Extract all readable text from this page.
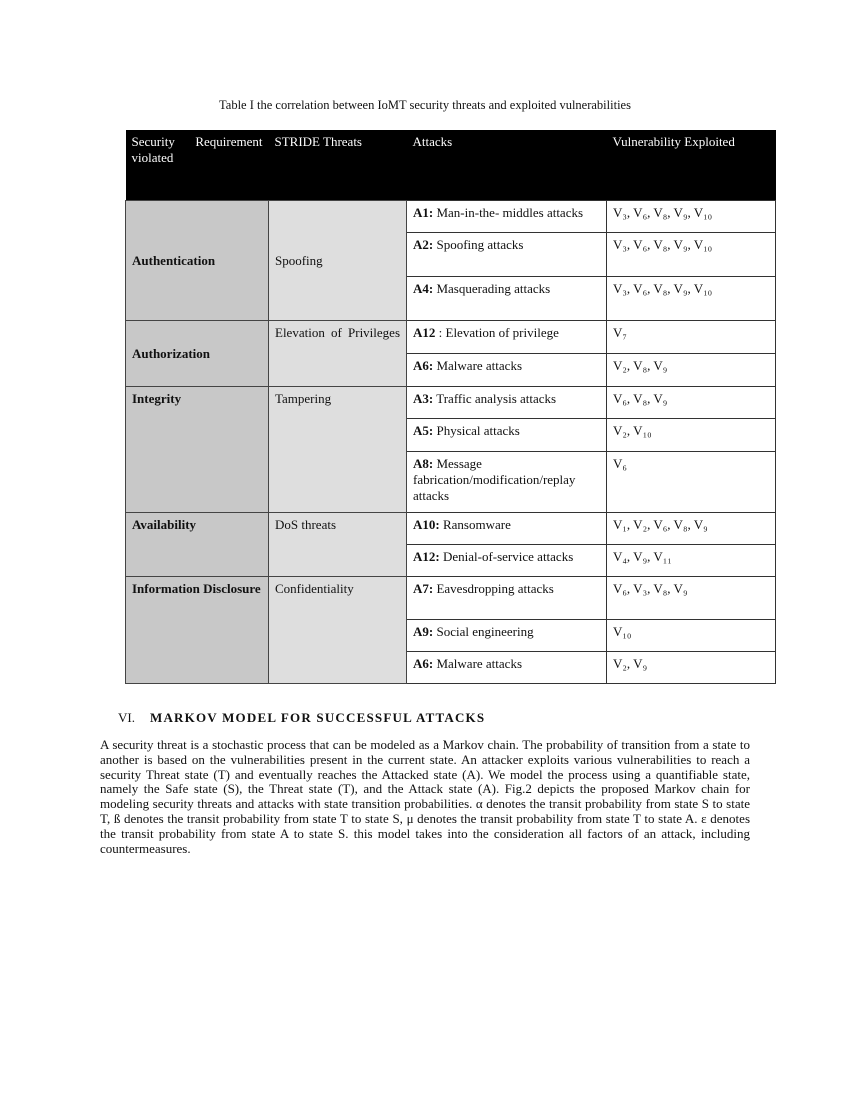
Table I the correlation between IoMT security threats and exploited vulnerabilities
Security Requirement violated	STRIDE Threats	Attacks	Vulnerability Exploited
Authentication	Spoofing	A1: Man-in-the- middles attacks	V₃, V₆, V₈, V₉, V₁₀
		A2: Spoofing attacks	V₃, V₆, V₈, V₉, V₁₀
		A4: Masquerading attacks	V₃, V₆, V₈, V₉, V₁₀
Authorization	Elevation of Privileges	A12 : Elevation of privilege	V₇
		A6: Malware attacks	V₂, V₈, V₉
Integrity	Tampering	A3: Traffic analysis attacks	V₆, V₈, V₉
		A5: Physical attacks	V₂, V₁₀
		A8: Message fabrication/modification/replay attacks	V₆
Availability	DoS threats	A10: Ransomware	V₁, V₂, V₆, V₈, V₉
		A12: Denial-of-service attacks	V₄, V₉, V₁₁
Information Disclosure	Confidentiality	A7: Eavesdropping attacks	V₆, V₃, V₈, V₉
		A9: Social engineering	V₁₀
		A6: Malware attacks	V₂, V₉
VI. MARKOV MODEL FOR SUCCESSFUL ATTACKS
A security threat is a stochastic process that can be modeled as a Markov chain. The probability of transition from a state to another is based on the vulnerabilities present in the current state. An attacker exploits various vulnerabilities to reach a security Threat state (T) and eventually reaches the Attacked state (A). We model the process using a quantifiable state, namely the Safe state (S), the Threat state (T), and the Attack state (A). Fig.2 depicts the proposed Markov chain for modeling security threats and attacks with state transition probabilities. α denotes the transit probability from state S to state T, ß denotes the transit probability from state T to state S, μ denotes the transit probability from state T to state A. ε denotes the transit probability from state A to state S. this model takes into the consideration all factors of an attack, including countermeasures.
